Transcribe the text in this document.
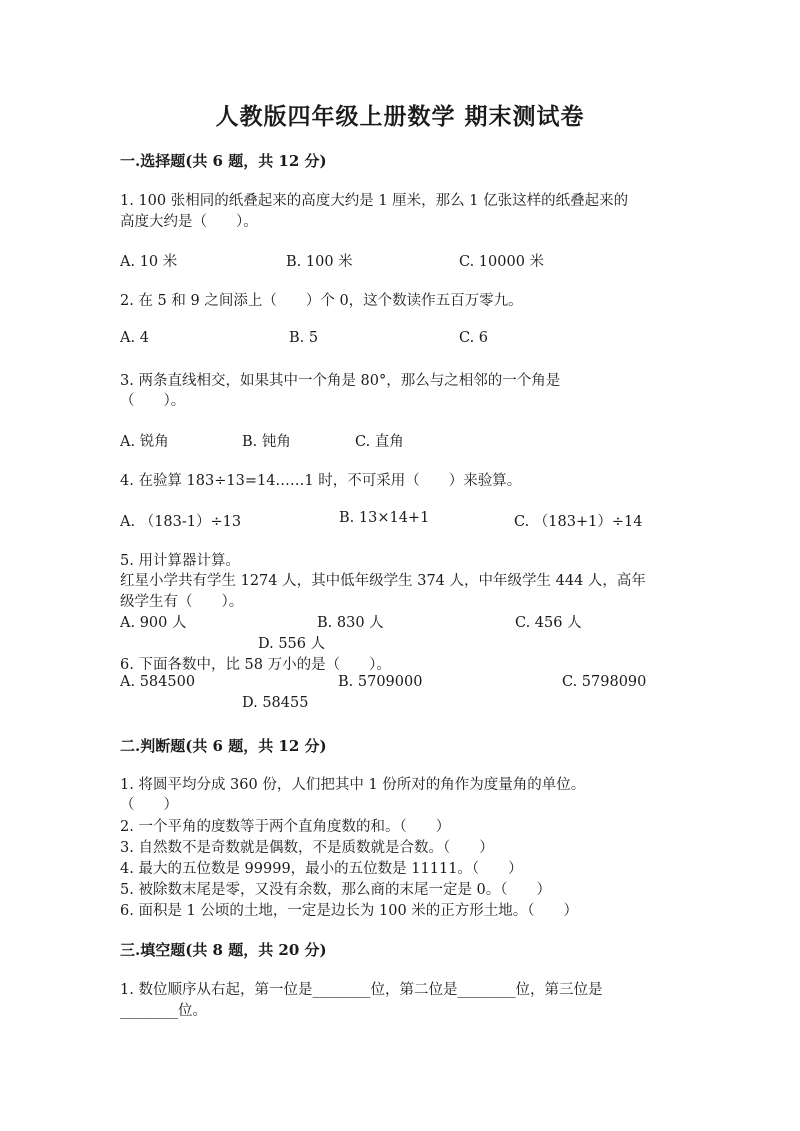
人教版四年级上册数学 期末测试卷
一.选择题(共 6 题，共 12 分)
1. 100 张相同的纸叠起来的高度大约是 1 厘米，那么 1 亿张这样的纸叠起来的
高度大约是（　　）。
A. 10 米	B. 100 米	C. 10000 米
2. 在 5 和 9 之间添上（　　）个 0，这个数读作五百万零九。
A. 4	B. 5	C. 6
3. 两条直线相交，如果其中一个角是 80°，那么与之相邻的一个角是
（　　）。
A. 锐角	B. 钝角	C. 直角
4. 在验算 183÷13=14……1 时，不可采用（　　）来验算。
A. （183-1）÷13	B. 13×14+1	C. （183+1）÷14
5. 用计算器计算。
红星小学共有学生 1274 人，其中低年级学生 374 人，中年级学生 444 人，高年
级学生有（　　）。
A. 900 人	B. 830 人	C. 456 人
D. 556 人
6. 下面各数中，比 58 万小的是（　　）。
A. 584500	B. 5709000	C. 5798090
D. 58455
二.判断题(共 6 题，共 12 分)
1. 将圆平均分成 360 份，人们把其中 1 份所对的角作为度量角的单位。
（　　）
2. 一个平角的度数等于两个直角度数的和。（　　）
3. 自然数不是奇数就是偶数，不是质数就是合数。（　　）
4. 最大的五位数是 99999，最小的五位数是 11111。（　　）
5. 被除数末尾是零，又没有余数，那么商的末尾一定是 0。（　　）
6. 面积是 1 公顷的土地，一定是边长为 100 米的正方形土地。（　　）
三.填空题(共 8 题，共 20 分)
1. 数位顺序从右起，第一位是________位，第二位是________位，第三位是
________位。
